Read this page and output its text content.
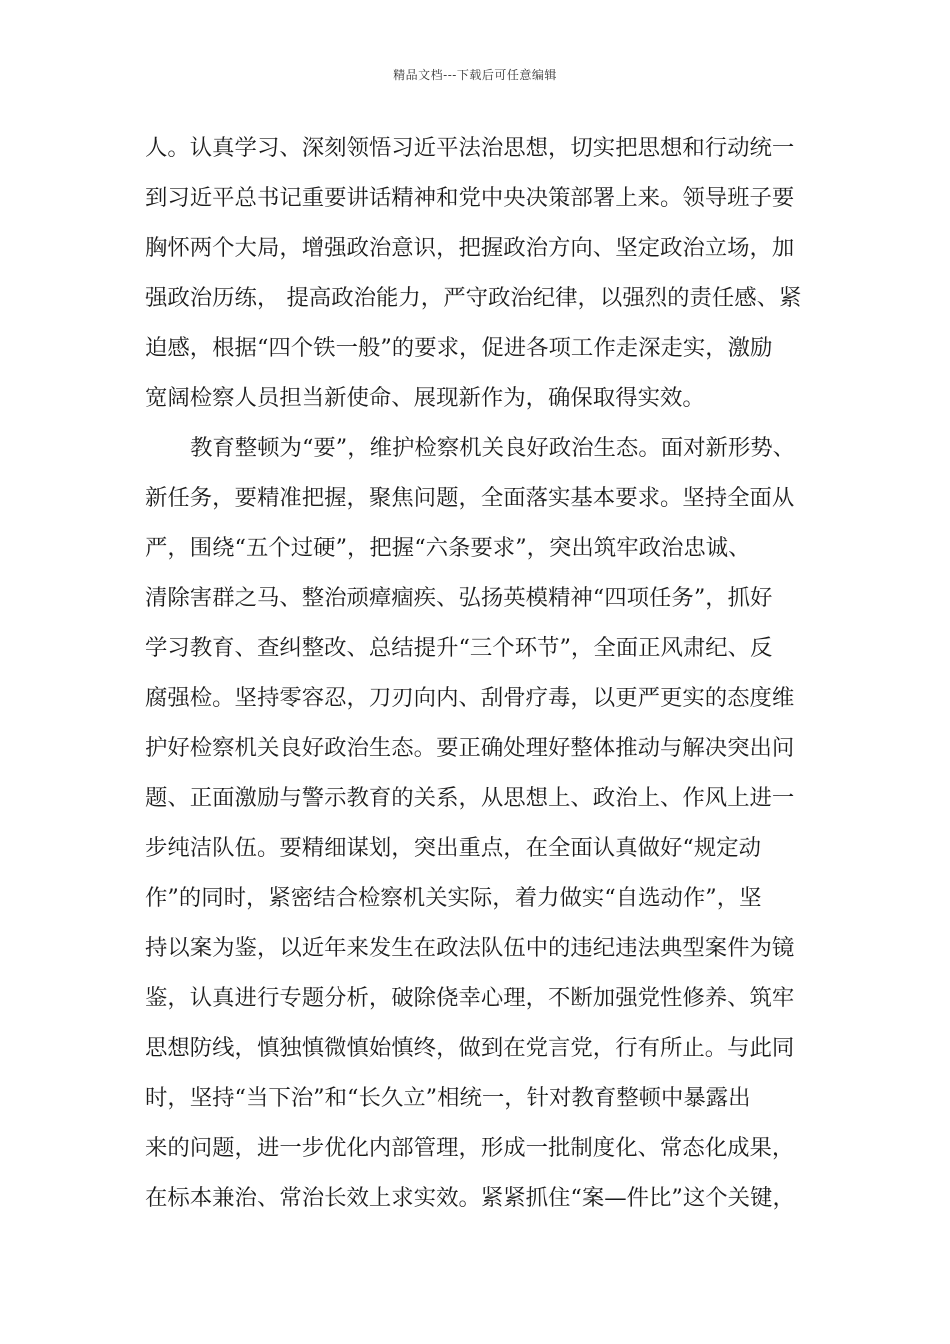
精品文档---下载后可任意编辑
人。认真学习、深刻领悟习近平法治思想，切实把思想和行动统一
到习近平总书记重要讲话精神和党中央决策部署上来。领导班子要
胸怀两个大局，增强政治意识，把握政治方向、坚定政治立场，加
强政治历练， 提高政治能力，严守政治纪律，以强烈的责任感、紧
迫感，根据“四个铁一般”的要求，促进各项工作走深走实，激励
宽阔检察人员担当新使命、展现新作为，确保取得实效。
教育整顿为“要”，维护检察机关良好政治生态。面对新形势、
新任务，要精准把握，聚焦问题，全面落实基本要求。坚持全面从
严，围绕“五个过硬”，把握“六条要求”，突出筑牢政治忠诚、
清除害群之马、整治顽瘴痼疾、弘扬英模精神“四项任务”，抓好
学习教育、查纠整改、总结提升“三个环节”，全面正风肃纪、反
腐强检。坚持零容忍，刀刃向内、刮骨疗毒，以更严更实的态度维
护好检察机关良好政治生态。要正确处理好整体推动与解决突出问
题、正面激励与警示教育的关系，从思想上、政治上、作风上进一
步纯洁队伍。要精细谋划，突出重点，在全面认真做好“规定动
作”的同时，紧密结合检察机关实际，着力做实“自选动作”，坚
持以案为鉴，以近年来发生在政法队伍中的违纪违法典型案件为镜
鉴，认真进行专题分析，破除侥幸心理，不断加强党性修养、筑牢
思想防线，慎独慎微慎始慎终，做到在党言党，行有所止。与此同
时，坚持“当下治”和“长久立”相统一，针对教育整顿中暴露出
来的问题，进一步优化内部管理，形成一批制度化、常态化成果，
在标本兼治、常治长效上求实效。紧紧抓住“案—件比”这个关键，
